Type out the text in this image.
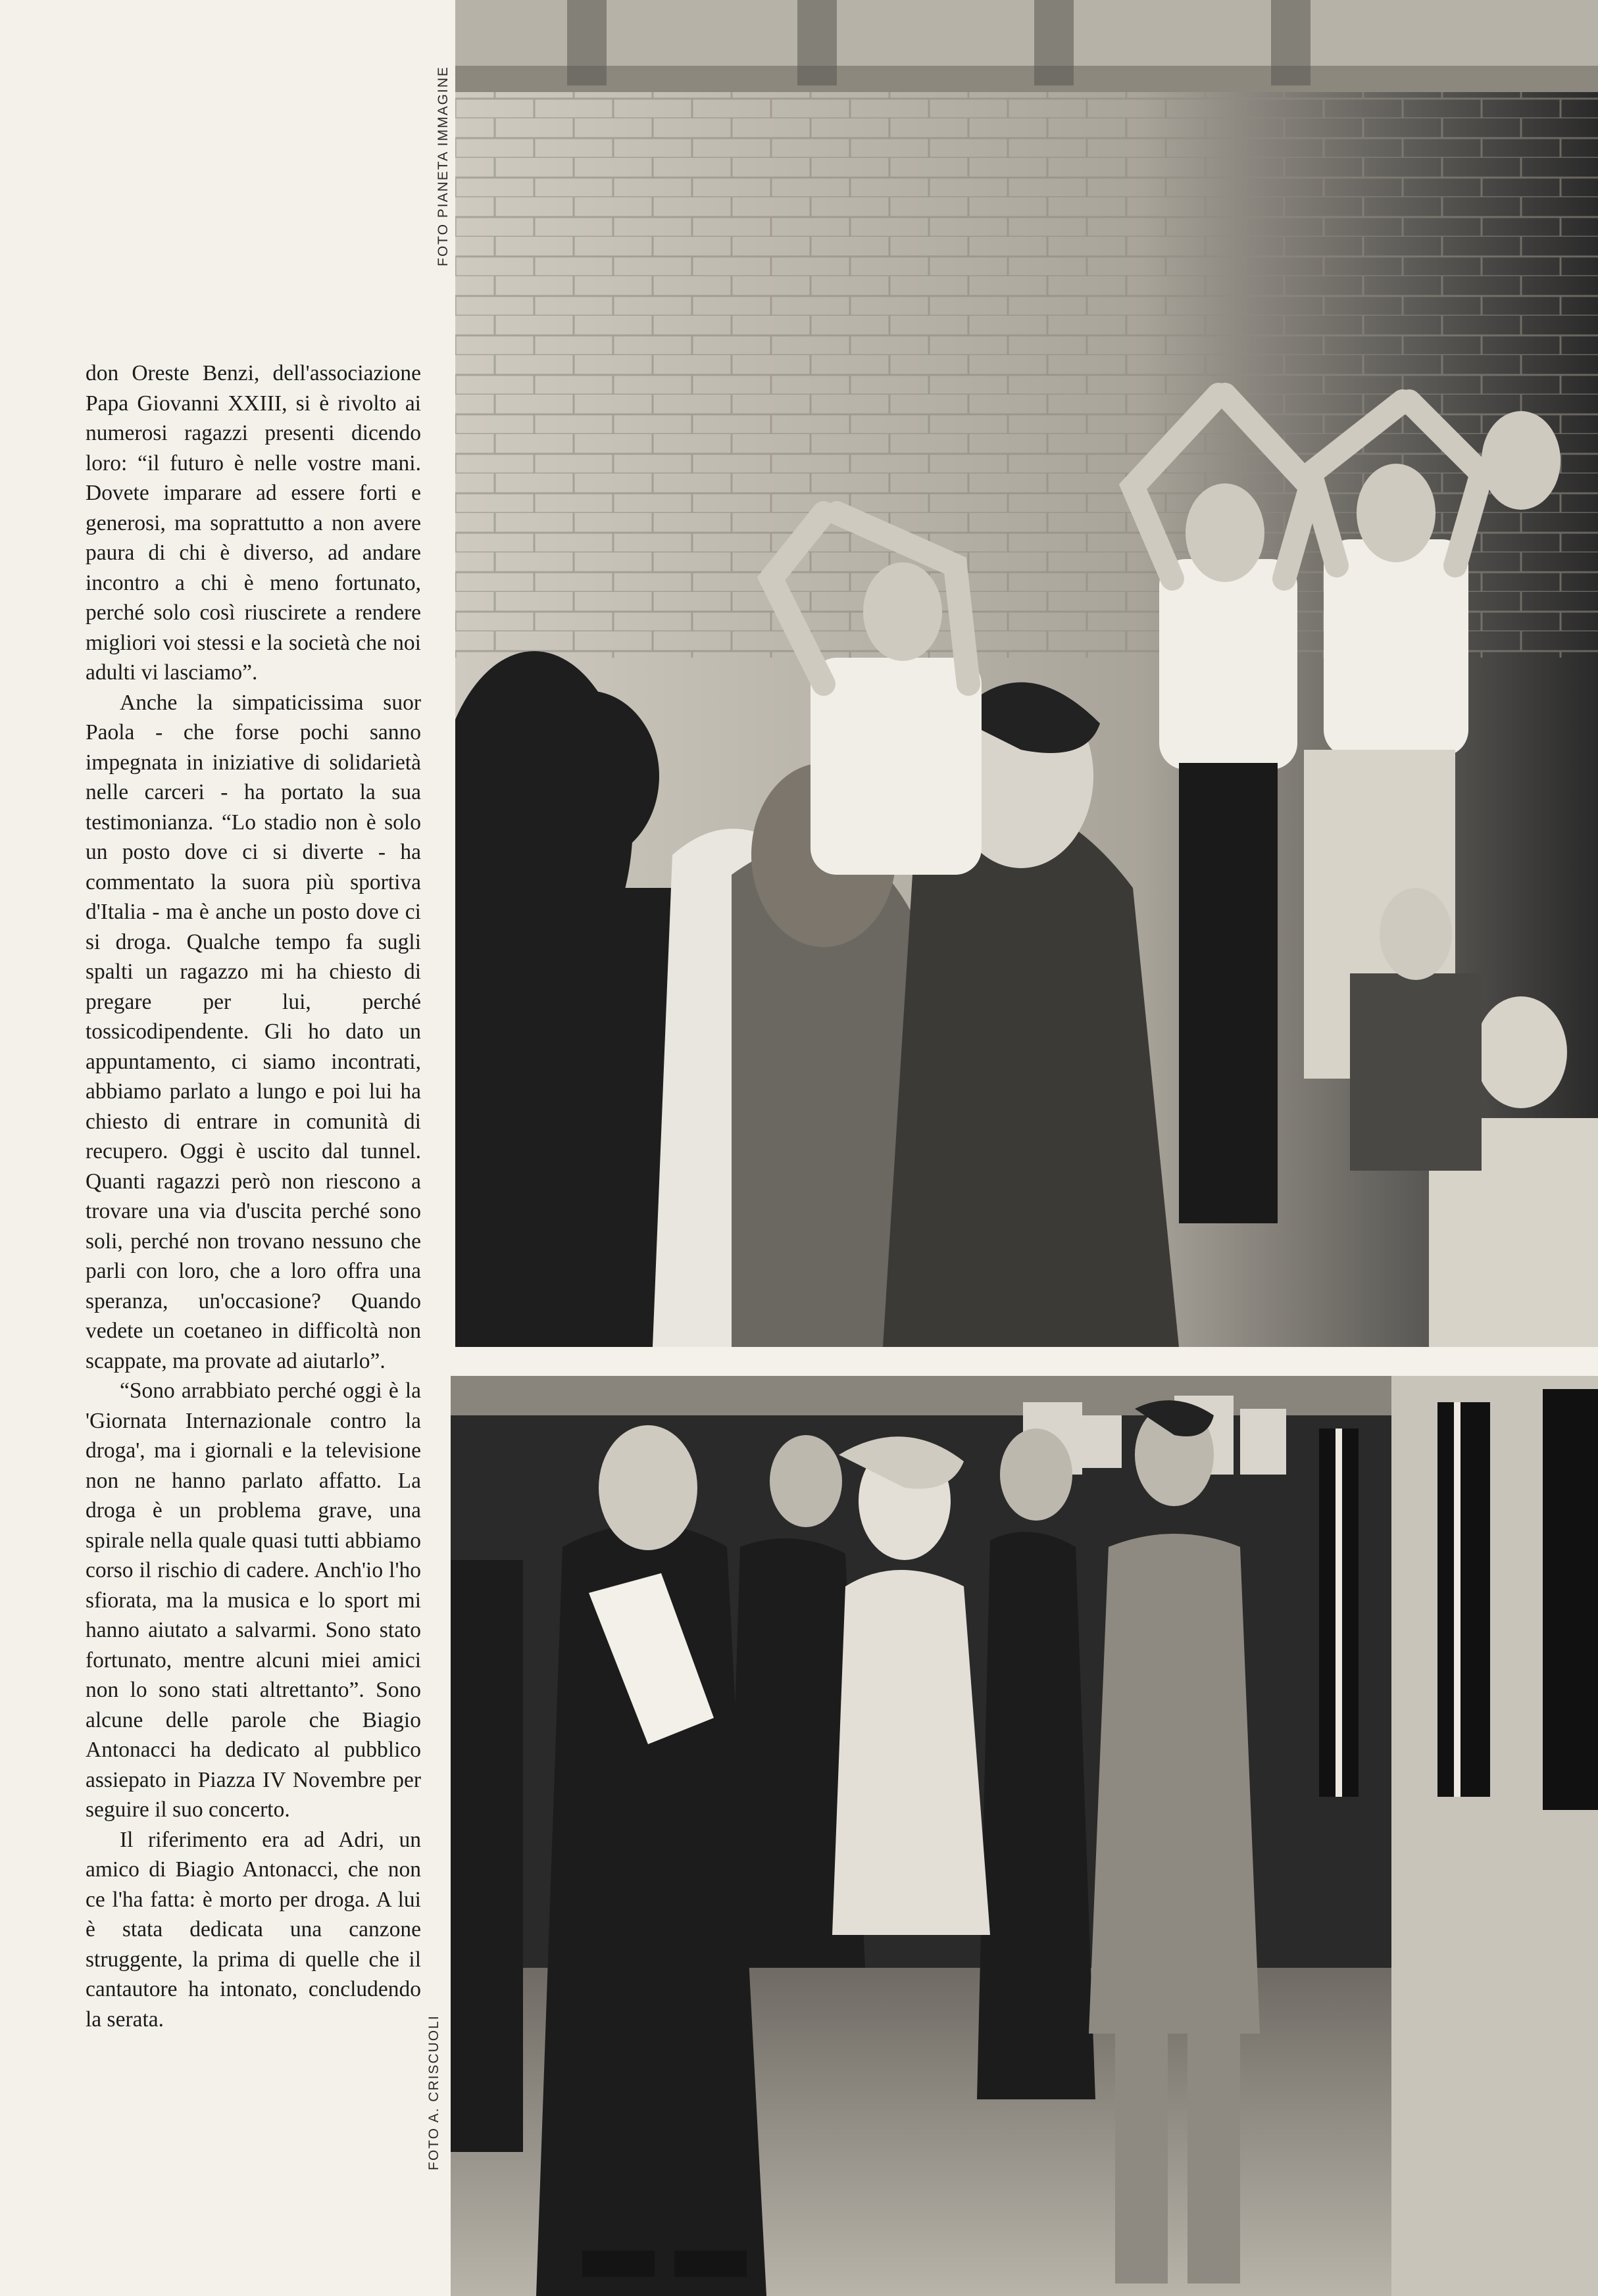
don Oreste Benzi, dell'associazione Papa Giovanni XXIII, si è rivolto ai numerosi ragazzi presenti dicendo loro: “il futuro è nelle vostre mani. Dovete imparare ad essere forti e generosi, ma soprattutto a non avere paura di chi è diverso, ad andare incontro a chi è meno fortunato, perché solo così riuscirete a rendere migliori voi stessi e la società che noi adulti vi lasciamo”.

Anche la simpaticissima suor Paola - che forse pochi sanno impegnata in iniziative di solidarietà nelle carceri - ha portato la sua testimonianza. “Lo stadio non è solo un posto dove ci si diverte - ha commentato la suora più sportiva d'Italia - ma è anche un posto dove ci si droga. Qualche tempo fa sugli spalti un ragazzo mi ha chiesto di pregare per lui, perché tossicodipendente. Gli ho dato un appuntamento, ci siamo incontrati, abbiamo parlato a lungo e poi lui ha chiesto di entrare in comunità di recupero. Oggi è uscito dal tunnel. Quanti ragazzi però non riescono a trovare una via d'uscita perché sono soli, perché non trovano nessuno che parli con loro, che a loro offra una speranza, un'occasione? Quando vedete un coetaneo in difficoltà non scappate, ma provate ad aiutarlo”.

“Sono arrabbiato perché oggi è la 'Giornata Internazionale contro la droga', ma i giornali e la televisione non ne hanno parlato affatto. La droga è un problema grave, una spirale nella quale quasi tutti abbiamo corso il rischio di cadere. Anch'io l'ho sfiorata, ma la musica e lo sport mi hanno aiutato a salvarmi. Sono stato fortunato, mentre alcuni miei amici non lo sono stati altrettanto”. Sono alcune delle parole che Biagio Antonacci ha dedicato al pubblico assiepato in Piazza IV Novembre per seguire il suo concerto.

Il riferimento era ad Adri, un amico di Biagio Antonacci, che non ce l'ha fatta: è morto per droga. A lui è stata dedicata una canzone struggente, la prima di quelle che il cantautore ha intonato, concludendo la serata.

FOTO PIANETA IMMAGINE
FOTO A. CRISCUOLI
